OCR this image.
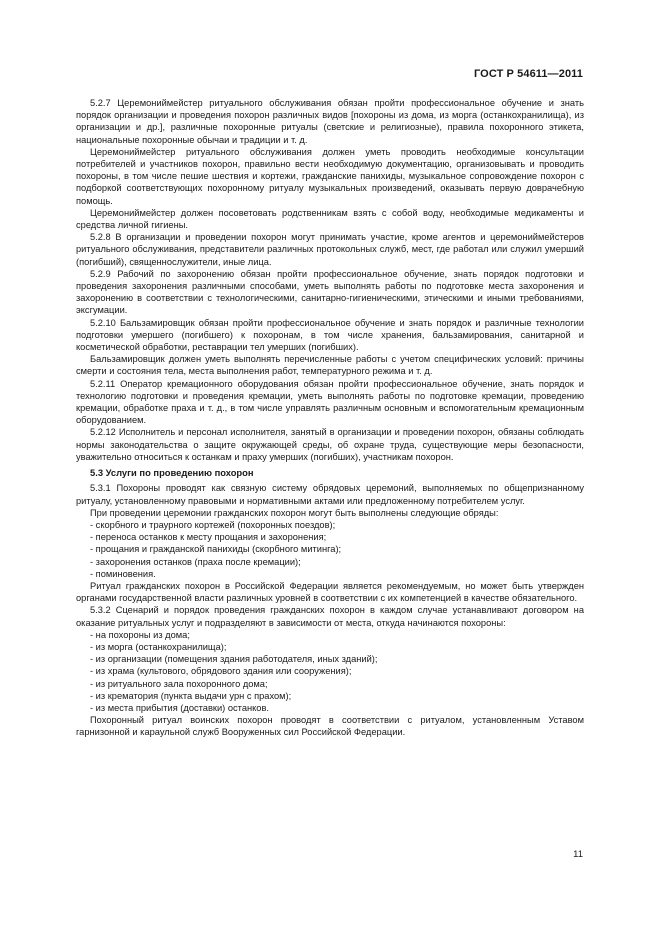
ГОСТ Р 54611—2011

5.2.7 Церемониймейстер ритуального обслуживания обязан пройти профессиональное обучение и знать порядок организации и проведения похорон различных видов [похороны из дома, из морга (останкохранилища), из организации и др.], различные похоронные ритуалы (светские и религиозные), правила похоронного этикета, национальные похоронные обычаи и традиции и т. д.

Церемониймейстер ритуального обслуживания должен уметь проводить необходимые консультации потребителей и участников похорон, правильно вести необходимую документацию, организовывать и проводить похороны, в том числе пешие шествия и кортежи, гражданские панихиды, музыкальное сопровождение похорон с подборкой соответствующих похоронному ритуалу музыкальных произведений, оказывать первую доврачебную помощь.

Церемониймейстер должен посоветовать родственникам взять с собой воду, необходимые медикаменты и средства личной гигиены.

5.2.8 В организации и проведении похорон могут принимать участие, кроме агентов и церемониймейстеров ритуального обслуживания, представители различных протокольных служб, мест, где работал или служил умерший (погибший), священнослужители, иные лица.

5.2.9 Рабочий по захоронению обязан пройти профессиональное обучение, знать порядок подготовки и проведения захоронения различными способами, уметь выполнять работы по подготовке места захоронения и захоронению в соответствии с технологическими, санитарно-гигиеническими, этическими и иными требованиями, эксгумации.

5.2.10 Бальзамировщик обязан пройти профессиональное обучение и знать порядок и различные технологии подготовки умершего (погибшего) к похоронам, в том числе хранения, бальзамирования, санитарной и косметической обработки, реставрации тел умерших (погибших).

Бальзамировщик должен уметь выполнять перечисленные работы с учетом специфических условий: причины смерти и состояния тела, места выполнения работ, температурного режима и т. д.

5.2.11 Оператор кремационного оборудования обязан пройти профессиональное обучение, знать порядок и технологию подготовки и проведения кремации, уметь выполнять работы по подготовке кремации, проведению кремации, обработке праха и т. д., в том числе управлять различным основным и вспомогательным кремационным оборудованием.

5.2.12 Исполнитель и персонал исполнителя, занятый в организации и проведении похорон, обязаны соблюдать нормы законодательства о защите окружающей среды, об охране труда, существующие меры безопасности, уважительно относиться к останкам и праху умерших (погибших), участникам похорон.

5.3 Услуги по проведению похорон

5.3.1 Похороны проводят как связную систему обрядовых церемоний, выполняемых по общепризнанному ритуалу, установленному правовыми и нормативными актами или предложенному потребителем услуг.

При проведении церемонии гражданских похорон могут быть выполнены следующие обряды:

- скорбного и траурного кортежей (похоронных поездов);

- переноса останков к месту прощания и захоронения;

- прощания и гражданской панихиды (скорбного митинга);

- захоронения останков (праха после кремации);

- поминовения.

Ритуал гражданских похорон в Российской Федерации является рекомендуемым, но может быть утвержден органами государственной власти различных уровней в соответствии с их компетенцией в качестве обязательного.

5.3.2 Сценарий и порядок проведения гражданских похорон в каждом случае устанавливают договором на оказание ритуальных услуг и подразделяют в зависимости от места, откуда начинаются похороны:

- на похороны из дома;

- из морга (останкохранилища);

- из организации (помещения здания работодателя, иных зданий);

- из храма (культового, обрядового здания или сооружения);

- из ритуального зала похоронного дома;

- из крематория (пункта выдачи урн с прахом);

- из места прибытия (доставки) останков.

Похоронный ритуал воинских похорон проводят в соответствии с ритуалом, установленным Уставом гарнизонной и караульной служб Вооруженных сил Российской Федерации.

11
